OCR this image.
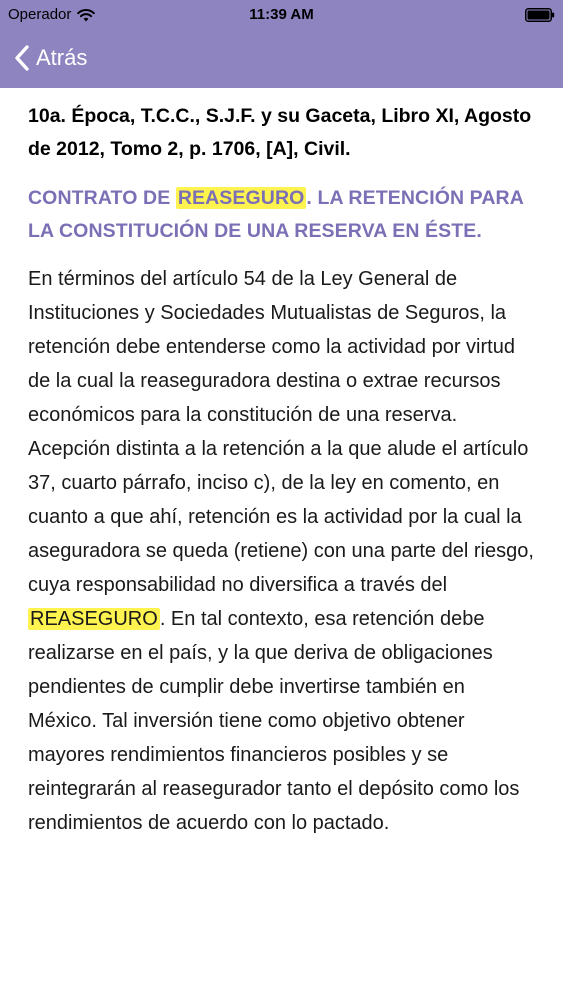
Operador	11:39 AM
Atrás
10a. Época, T.C.C., S.J.F. y su Gaceta, Libro XI, Agosto de 2012, Tomo 2, p. 1706, [A], Civil.
CONTRATO DE REASEGURO . LA RETENCIÓN PARA LA CONSTITUCIÓN DE UNA RESERVA EN ÉSTE.
En términos del artículo 54 de la Ley General de Instituciones y Sociedades Mutualistas de Seguros, la retención debe entenderse como la actividad por virtud de la cual la reaseguradora destina o extrae recursos económicos para la constitución de una reserva. Acepción distinta a la retención a la que alude el artículo 37, cuarto párrafo, inciso c), de la ley en comento, en cuanto a que ahí, retención es la actividad por la cual la aseguradora se queda (retiene) con una parte del riesgo, cuya responsabilidad no diversifica a través del REASEGURO . En tal contexto, esa retención debe realizarse en el país, y la que deriva de obligaciones pendientes de cumplir debe invertirse también en México. Tal inversión tiene como objetivo obtener mayores rendimientos financieros posibles y se reintegrarán al reasegurador tanto el depósito como los rendimientos de acuerdo con lo pactado.
